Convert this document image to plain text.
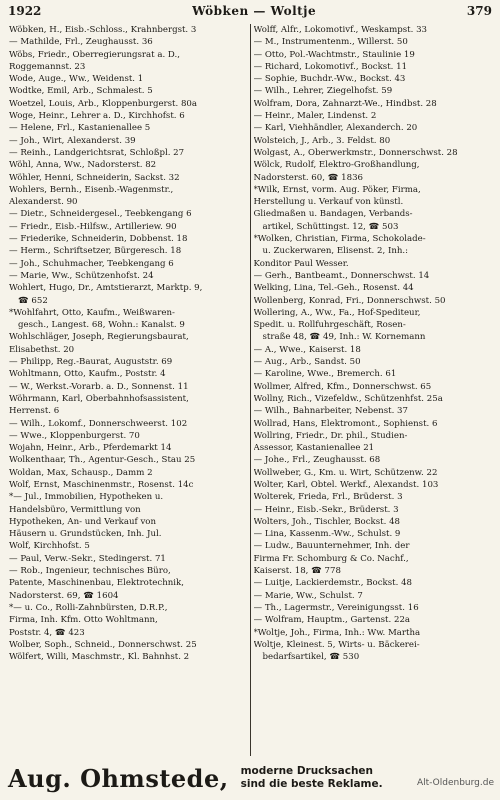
1922	Wöbken — Woltje	379
Wöbken, H., Eisb.-Schloss., Krahnbergst. 3
— Mathilde, Frl., Zeughausst. 36
Wöbs, Friedr., Oberregierungsrat a. D.,
Roggemannst. 23
Wode, Auge., Ww., Weidenst. 1
Wodtke, Emil, Arb., Schmalest. 5
Woetzel, Louis, Arb., Kloppenburgerst. 80a
Woge, Heinr., Lehrer a. D., Kirchhofst. 6
— Helene, Frl., Kastanienallee 5
— Joh., Wirt, Alexanderst. 39
— Reinh., Landgerichtsrat, Schloßpl. 27
Wöhl, Anna, Ww., Nadorsterst. 82
Wöhler, Henni, Schneiderin, Sackst. 32
Wohlers, Bernh., Eisenb.-Wagenmstr.,
Alexanderst. 90
— Dietr., Schneidergesel., Teebkengang 6
— Friedr., Eisb.-Hilfsw., Artilleriew. 90
— Friederike, Schneiderin, Dobbenst. 18
— Herm., Schriftsetzer, Bürgeresch. 18
— Joh., Schuhmacher, Teebkengang 6
— Marie, Ww., Schützenhofst. 24
Wohlert, Hugo, Dr., Amtstierarzt, Marktp. 9,
☎ 652
*Wohlfahrt, Otto, Kaufm., Weißwaren-
gesch., Langest. 68, Wohn.: Kanalst. 9
Wohlschläger, Joseph, Regierungsbaurat,
Elisabethst. 20
— Philipp, Reg.-Baurat, Auguststr. 69
Wohltmann, Otto, Kaufm., Poststr. 4
— W., Werkst.-Vorarb. a. D., Sonnenst. 11
Wöhrmann, Karl, Oberbahnhofsassistent,
Herrenst. 6
— Wilh., Lokomf., Donnerschweerst. 102
— Wwe., Kloppenburgerst. 70
Wojahn, Heinr., Arb., Pferdemarkt 14
Wolkenthaar, Th., Agentur-Gesch., Stau 25
Woldan, Max, Schausp., Damm 2
Wolf, Ernst, Maschinenmstr., Rosenst. 14c
*— Jul., Immobilien, Hypotheken u.
Handelsbüro, Vermittlung von
Hypotheken, An- und Verkauf von
Häusern u. Grundstücken, Inh. Jul.
Wolf, Kirchhofst. 5
— Paul, Verw.-Sekr., Stedingerst. 71
— Rob., Ingenieur, technisches Büro,
Patente, Maschinenbau, Elektrotechnik,
Nadorsterst. 69, ☎ 1604
*— u. Co., Rolli-Zahnbürsten, D.R.P.,
Firma, Inh. Kfm. Otto Wohltmann,
Poststr. 4, ☎ 423
Wolber, Soph., Schneid., Donnerschwst. 25
Wölfert, Willi, Maschmstr., Kl. Bahnhst. 2
Wolff, Alfr., Lokomotivf., Weskampst. 33
— M., Instrumentenm., Willerst. 50
— Otto, Pol.-Wachtmstr., Staulinie 19
— Richard, Lokomotivf., Bockst. 11
— Sophie, Buchdr.-Ww., Bockst. 43
— Wilh., Lehrer, Ziegelhofst. 59
Wolfram, Dora, Zahnarzt-We., Hindbst. 28
— Heinr., Maler, Lindenst. 2
— Karl, Viehhändler, Alexanderch. 20
Wolsteich, J., Arb., 3. Feldst. 80
Wolgast, A., Oberwerkmstr., Donnerschwst. 28
Wölck, Rudolf, Elektro-Großhandlung,
Nadorsterst. 60, ☎ 1836
*Wilk, Ernst, vorm. Aug. Pöker, Firma,
Herstellung u. Verkauf von künstl.
Gliedmaßen u. Bandagen, Verbands-
artikel, Schüttingst. 12, ☎ 503
*Wolken, Christian, Firma, Schokolade-
u. Zuckerwaren, Elisenst. 2, Inh.:
Konditor Paul Wesser.
— Gerh., Bantbeamt., Donnerschwst. 14
Welking, Lina, Tel.-Geh., Rosenst. 44
Wollenberg, Konrad, Fri., Donnerschwst. 50
Wollering, A., Ww., Fa., Hof-Spediteur,
Spedit. u. Rollfuhrgeschäft, Rosen-
straße 48, ☎ 49, Inh.: W. Kornemann
— A., Wwe., Kaiserst. 18
— Aug., Arb., Sandst. 50
— Karoline, Wwe., Bremerch. 61
Wollmer, Alfred, Kfm., Donnerschwst. 65
Wollny, Rich., Vizefeldw., Schützenhfst. 25a
— Wilh., Bahnarbeiter, Nebenst. 37
Wollrad, Hans, Elektromont., Sophienst. 6
Wollring, Friedr., Dr. phil., Studien-
Assessor, Kastanienallee 21
— Johe., Frl., Zeughausst. 68
Wollweber, G., Km. u. Wirt, Schützenw. 22
Wolter, Karl, Obtel. Werkf., Alexandst. 103
Wolterek, Frieda, Frl., Brüderst. 3
— Heinr., Eisb.-Sekr., Brüderst. 3
Wolters, Joh., Tischler, Bockst. 48
— Lina, Kassenm.-Ww., Schulst. 9
— Ludw., Bauunternehmer, Inh. der
Firma Fr. Schomburg & Co. Nachf.,
Kaiserst. 18, ☎ 778
— Luitje, Lackierdemstr., Bockst. 48
— Marie, Ww., Schulst. 7
— Th., Lagermstr., Vereinigungsst. 16
— Wolfram, Hauptm., Gartenst. 22a
*Woltje, Joh., Firma, Inh.: Ww. Martha
Woltje, Kleinest. 5, Wirts- u. Bäckerei-
bedarfsartikel, ☎ 530
Aug. Ohmstede, moderne Drucksachen
sind die beste Reklame.	Alt-Oldenburg.de
